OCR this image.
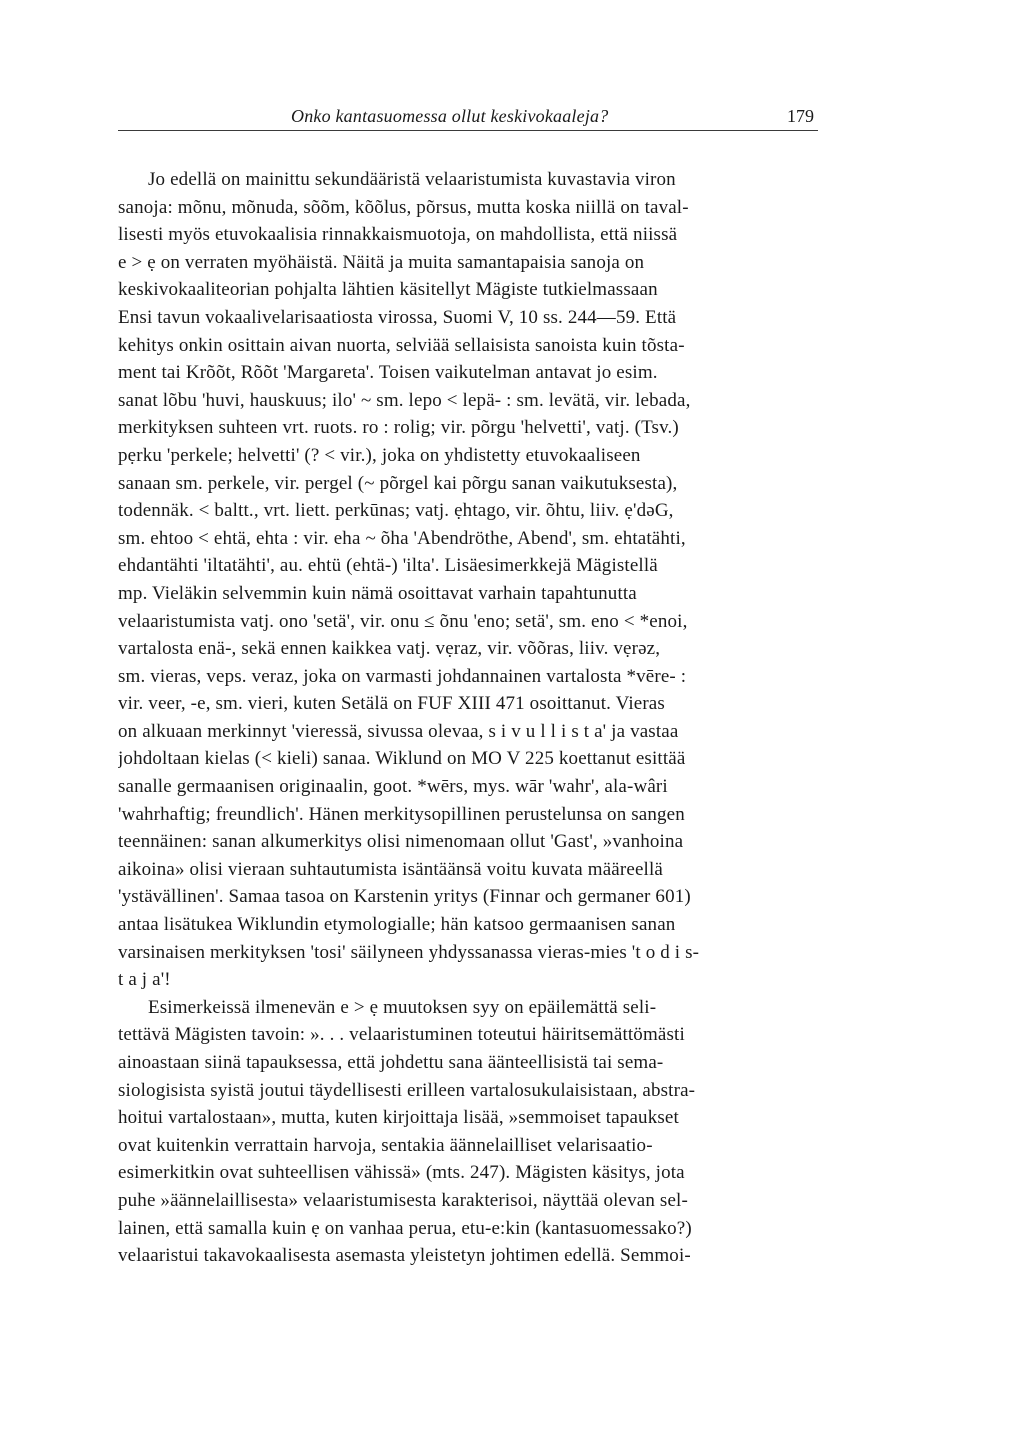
Onko kantasuomessa ollut keskivokaaleja?	179
Jo edellä on mainittu sekundääristä velaaristumista kuvastavia viron
sanoja: mõnu, mõnuda, sõõm, kõõlus, põrsus, mutta koska niillä on taval-
lisesti myös etuvokaalisia rinnakkaismuotoja, on mahdollista, että niissä
e > ẹ on verraten myöhäistä. Näitä ja muita samantapaisia sanoja on
keskivokaaliteorian pohjalta lähtien käsitellyt Mägiste tutkielmassaan
Ensi tavun vokaalivelarisaatiosta virossa, Suomi V, 10 ss. 244—59. Että
kehitys onkin osittain aivan nuorta, selviää sellaisista sanoista kuin tõsta-
ment tai Krõõt, Rõõt 'Margareta'. Toisen vaikutelman antavat jo esim.
sanat lõbu 'huvi, hauskuus; ilo' ~ sm. lepo < lepä- : sm. levätä, vir. lebada,
merkityksen suhteen vrt. ruots. ro : rolig; vir. põrgu 'helvetti', vatj. (Tsv.)
pẹrku 'perkele; helvetti' (? < vir.), joka on yhdistetty etuvokaaliseen
sanaan sm. perkele, vir. pergel (~ põrgel kai põrgu sanan vaikutuksesta),
todennäk. < baltt., vrt. liett. perkūnas; vatj. ẹhtago, vir. õhtu, liiv. ẹ'dəG,
sm. ehtoo < ehtä, ehta : vir. eha ~ õha 'Abendröthe, Abend', sm. ehtatähti,
ehdantähti 'iltatähti', au. ehtü (ehtä-) 'ilta'. Lisäesimerkkejä Mägistellä
mp. Vieläkin selvemmin kuin nämä osoittavat varhain tapahtunutta
velaaristumista vatj. ono 'setä', vir. onu ≤ õnu 'eno; setä', sm. eno < *enoi,
vartalosta enä-, sekä ennen kaikkea vatj. vẹraz, vir. võõras, liiv. vẹrəz,
sm. vieras, veps. veraz, joka on varmasti johdannainen vartalosta *vēre- :
vir. veer, -e, sm. vieri, kuten Setälä on FUF XIII 471 osoittanut. Vieras
on alkuaan merkinnyt 'vieressä, sivussa olevaa, s i v u l l i s t a' ja vastaa
johdoltaan kielas (< kieli) sanaa. Wiklund on MO V 225 koettanut esittää
sanalle germaanisen originaalin, goot. *wērs, mys. wār 'wahr', ala-wâri
'wahrhaftig; freundlich'. Hänen merkitysopillinen perustelunsa on sangen
teennäinen: sanan alkumerkitys olisi nimenomaan ollut 'Gast', »vanhoina
aikoina» olisi vieraan suhtautumista isäntäänsä voitu kuvata määreellä
'ystävällinen'. Samaa tasoa on Karstenin yritys (Finnar och germaner 601)
antaa lisätukea Wiklundin etymologialle; hän katsoo germaanisen sanan
varsinaisen merkityksen 'tosi' säilyneen yhdyssanassa vieras-mies 't o d i s-
t a j a'!
Esimerkeissä ilmenevän e > ẹ muutoksen syy on epäilemättä seli-
tettävä Mägisten tavoin: ». . . velaaristuminen toteutui häiritsemättömästi
ainoastaan siinä tapauksessa, että johdettu sana äänteellisistä tai sema-
siologisista syistä joutui täydellisesti erilleen vartalosukulaisistaan, abstra-
hoitui vartalostaan», mutta, kuten kirjoittaja lisää, »semmoiset tapaukset
ovat kuitenkin verrattain harvoja, sentakia äännelailliset velarisaatio-
esimerkitkin ovat suhteellisen vähissä» (mts. 247). Mägisten käsitys, jota
puhe »äännelaillisesta» velaaristumisesta karakterisoi, näyttää olevan sel-
lainen, että samalla kuin ẹ on vanhaa perua, etu-e:kin (kantasuomessako?)
velaaristui takavokaalisesta asemasta yleistetyn johtimen edellä. Semmoi-
